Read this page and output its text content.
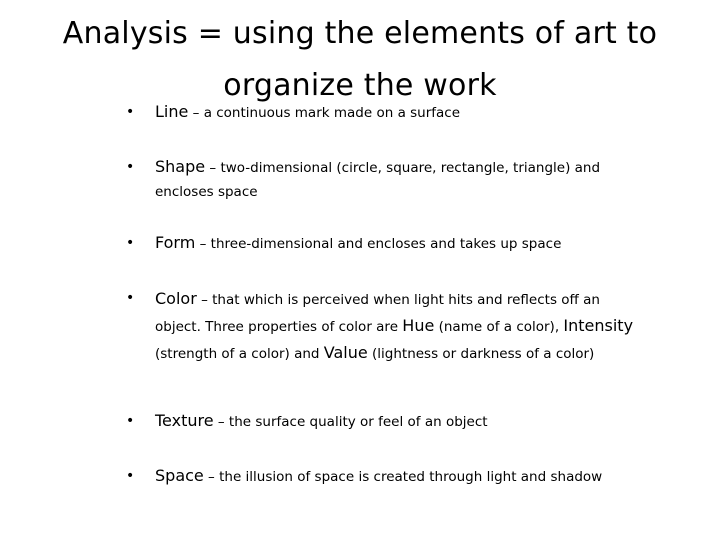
Analysis = using the elements of art to organize the work
• Line – a continuous mark made on a surface
• Shape – two-dimensional (circle, square, rectangle, triangle) and encloses space
• Form – three-dimensional and encloses and takes up space
• Color – that which is perceived when light hits and reflects off an object. Three properties of color are Hue (name of a color), Intensity (strength of a color) and Value (lightness or darkness of a color)
• Texture – the surface quality or feel of an object
• Space – the illusion of space is created through light and shadow
